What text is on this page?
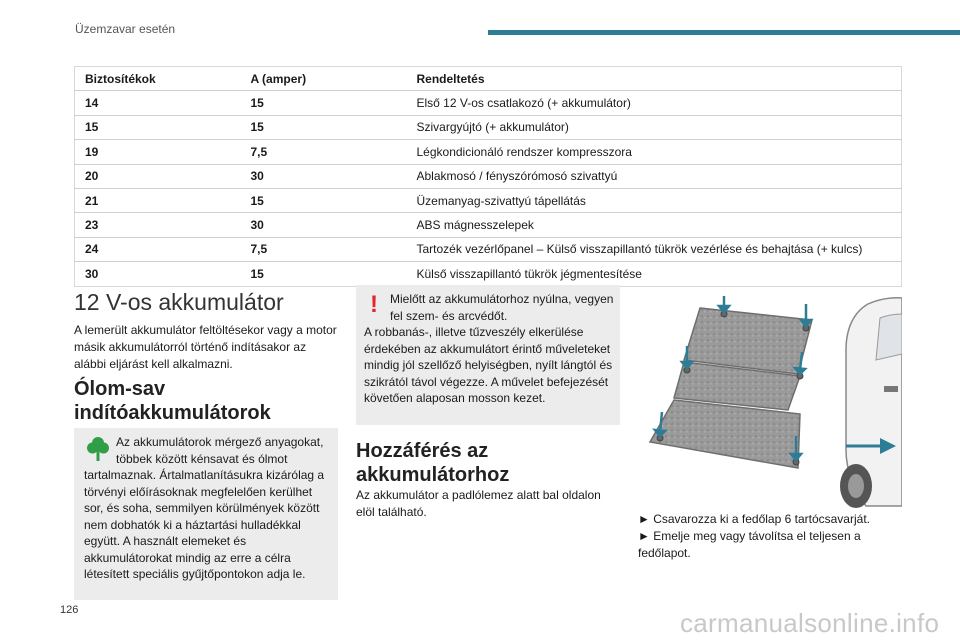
Üzemzavar esetén
Biztosítékok	A (amper)	Rendeltetés
14	15	Első 12 V-os csatlakozó (+ akkumulátor)
15	15	Szivargyújtó (+ akkumulátor)
19	7,5	Légkondicionáló rendszer kompresszora
20	30	Ablakmosó / fényszórómosó szivattyú
21	15	Üzemanyag-szivattyú tápellátás
23	30	ABS mágnesszelepek
24	7,5	Tartozék vezérlőpanel – Külső visszapillantó tükrök vezérlése és behajtása (+ kulcs)
30	15	Külső visszapillantó tükrök jégmentesítése
12 V-os akkumulátor

A lemerült akkumulátor feltöltésekor vagy a motor másik akkumulátorról történő indításakor az alábbi eljárást kell alkalmazni.

Ólom-sav indítóakkumulátorok
Az akkumulátorok mérgező anyagokat, többek között kénsavat és ólmot
tartalmaznak. Ártalmatlanításukra kizárólag a törvényi előírásoknak megfelelően kerülhet sor, és soha, semmilyen körülmények között nem dobhatók ki a háztartási hulladékkal együtt. A használt elemeket és akkumulátorokat mindig az erre a célra létesített speciális gyűjtőpontokon adja le.
!	Mielőtt az akkumulátorhoz nyúlna, vegyen fel szem- és arcvédőt.
A robbanás-, illetve tűzveszély elkerülése érdekében az akkumulátort érintő műveleteket mindig jól szellőző helyiségben, nyílt lángtól és szikrától távol végezze. A művelet befejezését követően alaposan mosson kezet.
Hozzáférés az akkumulátorhoz

Az akkumulátor a padlólemez alatt bal oldalon elöl található.	► Csavarozza ki a fedőlap 6 tartócsavarját.
► Emelje meg vagy távolítsa el teljesen a fedőlapot.
126	carmanualsonline.info
